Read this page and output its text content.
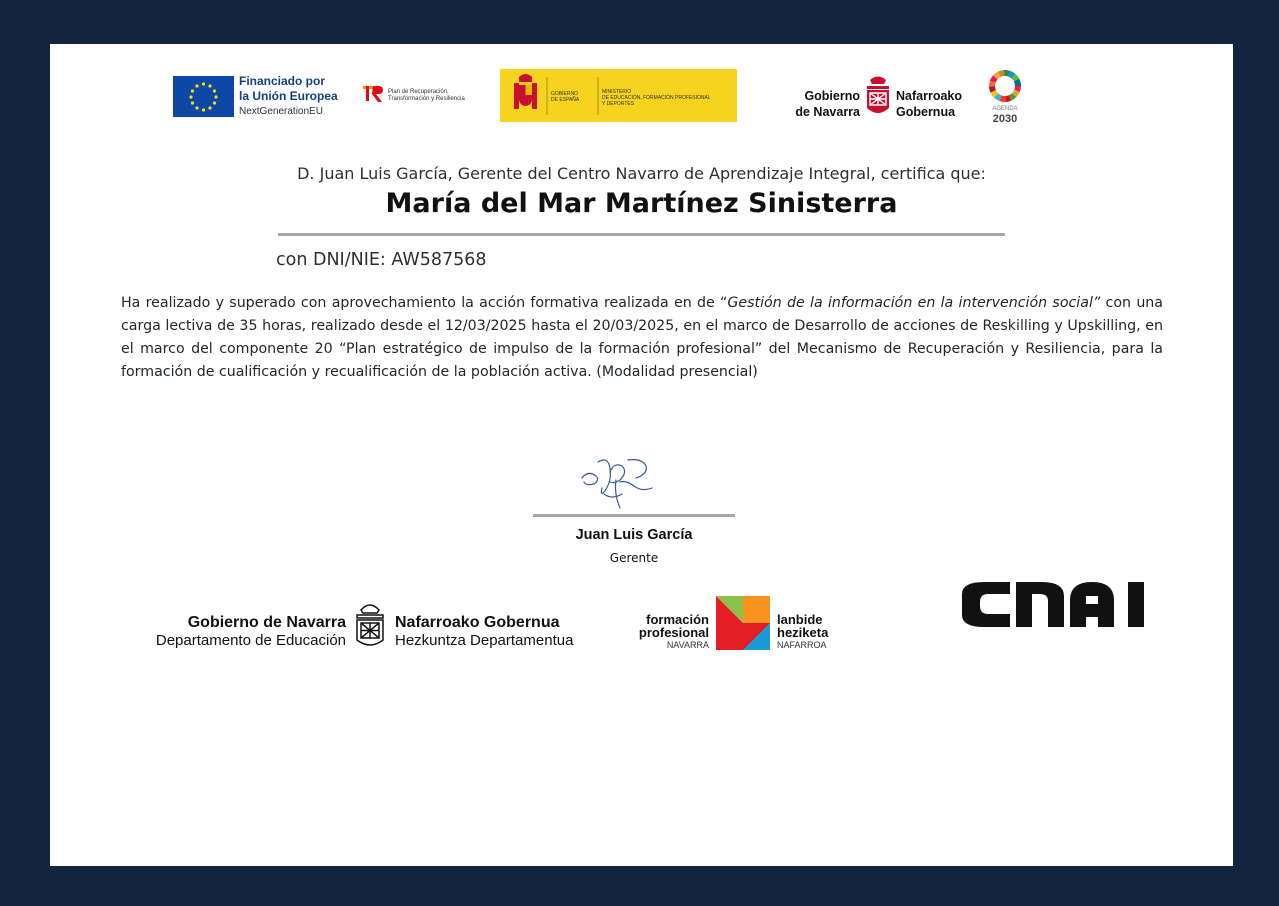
Financiado por
la Unión Europea
NextGenerationEU
Plan de Recuperación,
Transformación y Resiliencia
GOBIERNO
DE ESPAÑA
MINISTERIO
DE EDUCACIÓN, FORMACIÓN PROFESIONAL
Y DEPORTES
Gobierno
de Navarra
Nafarroako
Gobernua	AGENDA
2030
D. Juan Luis García, Gerente del Centro Navarro de Aprendizaje Integral, certifica que:
María del Mar Martínez Sinisterra
con DNI/NIE: AW587568
Ha realizado y superado con aprovechamiento la acción formativa realizada en de “Gestión de la información en la intervención social” con una carga lectiva de 35 horas, realizado desde el 12/03/2025 hasta el 20/03/2025, en el marco de Desarrollo de acciones de Reskilling y Upskilling, en el marco del componente 20 “Plan estratégico de impulso de la formación profesional” del Mecanismo de Recuperación y Resiliencia, para la formación de cualificación y recualificación de la población activa. (Modalidad presencial)
Juan Luis García
Gerente
Gobierno de Navarra
Departamento de Educación
Nafarroako Gobernua
Hezkuntza Departamentua
formación
profesional
NAVARRA
lanbide
heziketa
NAFARROA
